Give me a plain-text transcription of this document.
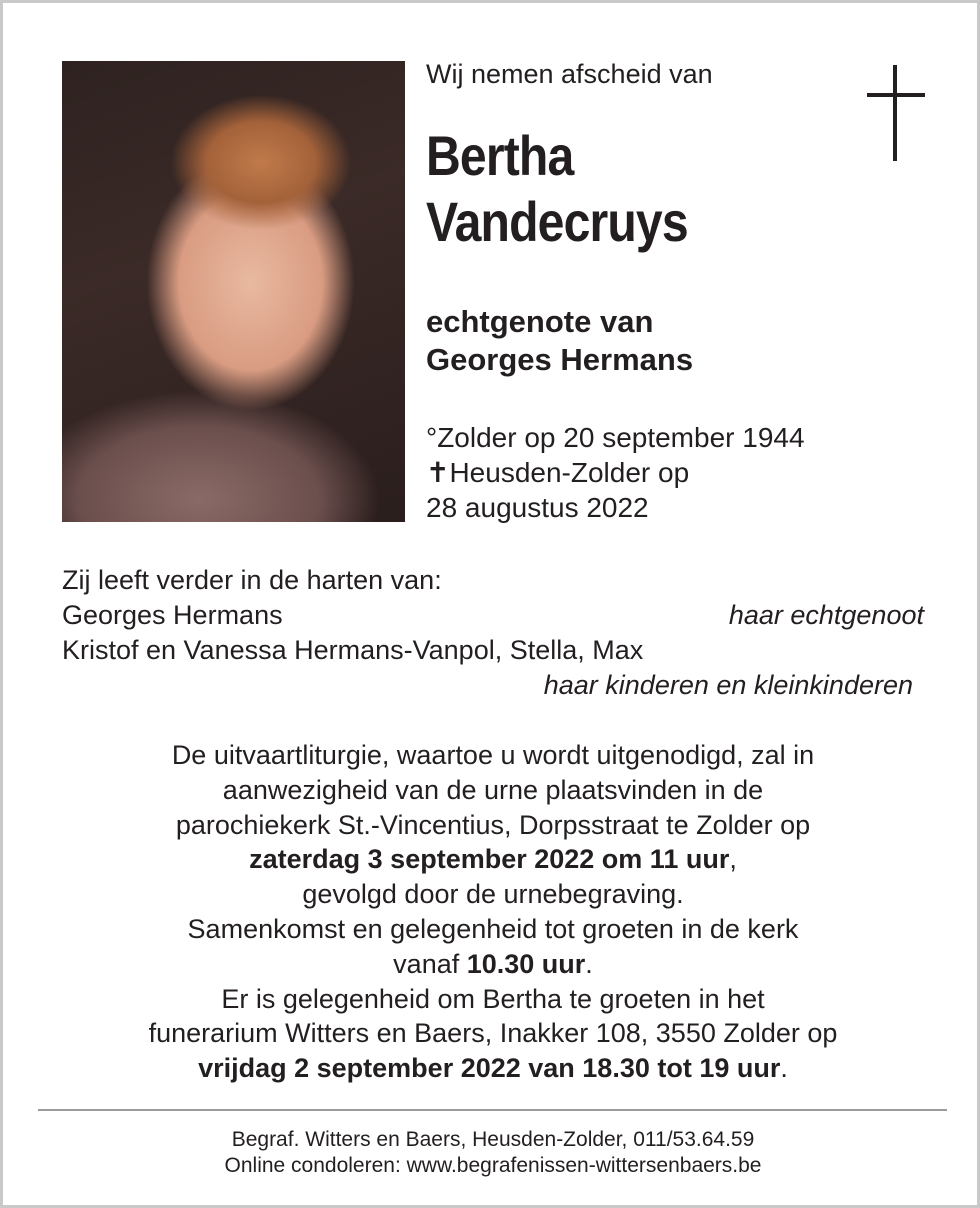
Wij nemen afscheid van
Bertha
Vandecruys
echtgenote van
Georges Hermans
°Zolder op 20 september 1944
✝Heusden-Zolder op
28 augustus 2022
Zij leeft verder in de harten van:
Georges Hermans	haar echtgenoot
Kristof en Vanessa Hermans-Vanpol, Stella, Max
haar kinderen en kleinkinderen
De uitvaartliturgie, waartoe u wordt uitgenodigd, zal in
aanwezigheid van de urne plaatsvinden in de
parochiekerk St.-Vincentius, Dorpsstraat te Zolder op
zaterdag 3 september 2022 om 11 uur,
gevolgd door de urnebegraving.
Samenkomst en gelegenheid tot groeten in de kerk
vanaf 10.30 uur.
Er is gelegenheid om Bertha te groeten in het
funerarium Witters en Baers, Inakker 108, 3550 Zolder op
vrijdag 2 september 2022 van 18.30 tot 19 uur.
Begraf. Witters en Baers, Heusden-Zolder, 011/53.64.59
Online condoleren: www.begrafenissen-wittersenbaers.be
